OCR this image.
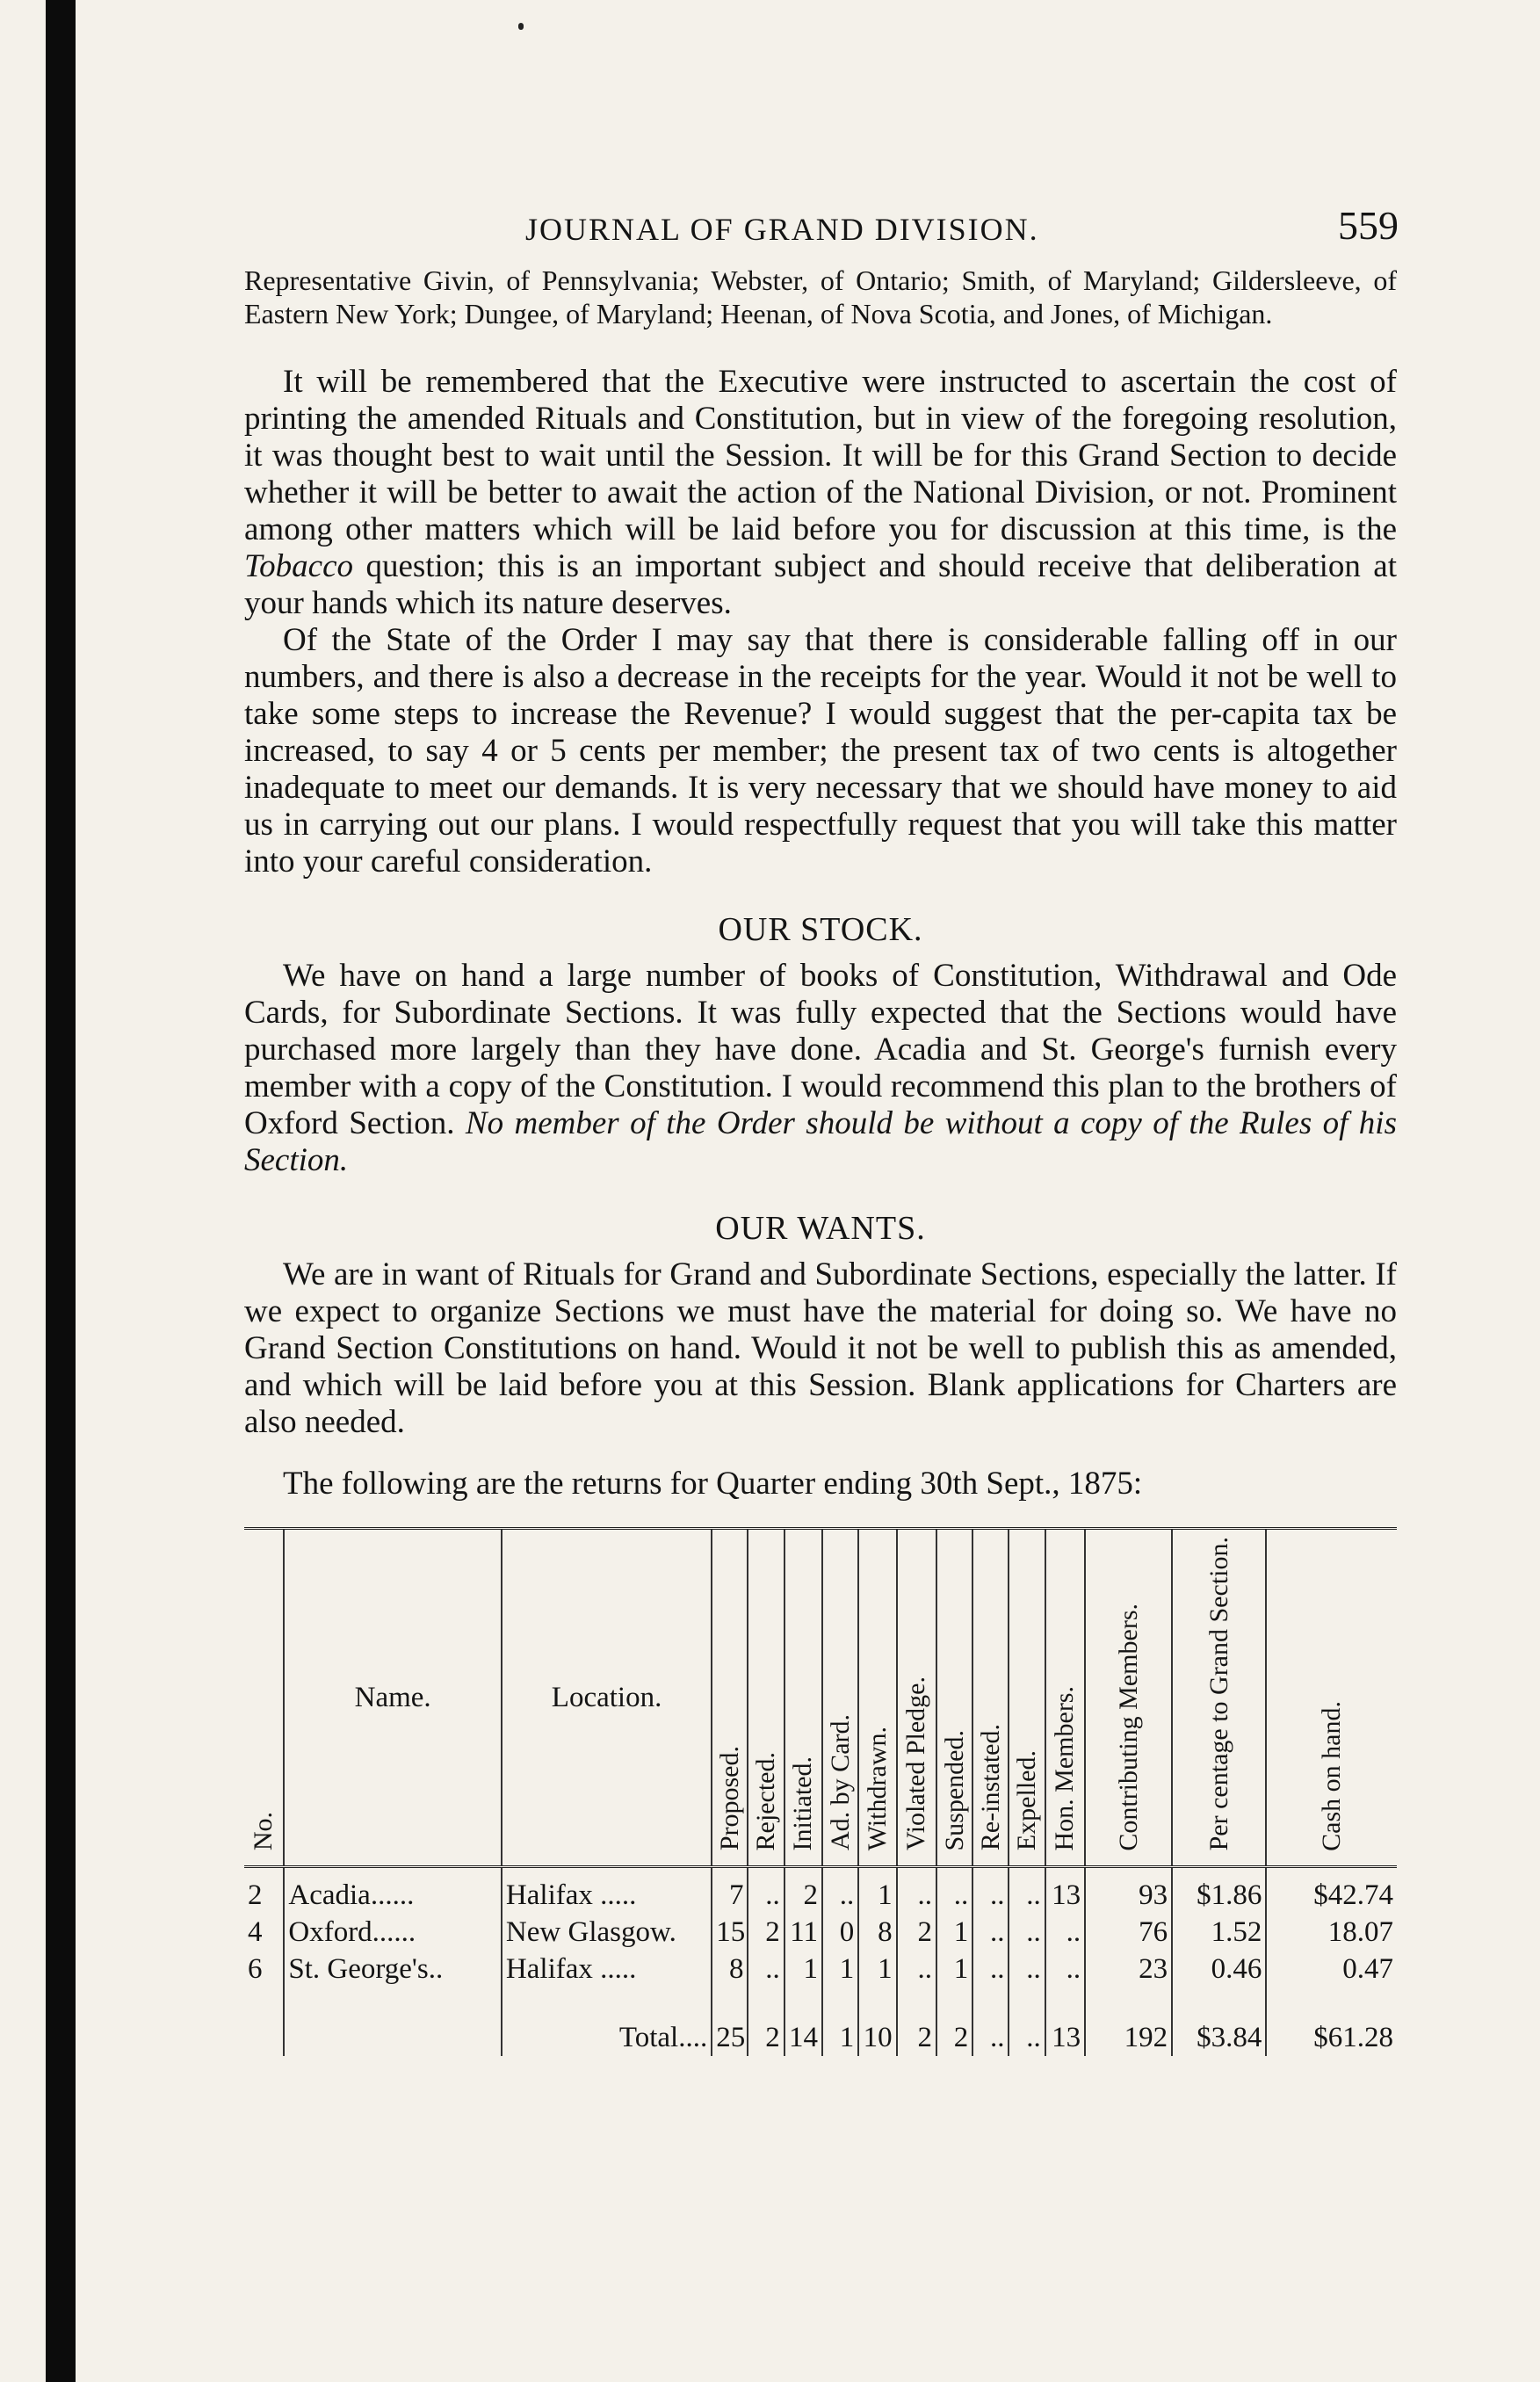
JOURNAL OF GRAND DIVISION.	559

Representative Givin, of Pennsylvania; Webster, of Ontario; Smith, of Maryland; Gildersleeve, of Eastern New York; Dungee, of Maryland; Heenan, of Nova Scotia, and Jones, of Michigan.

It will be remembered that the Executive were instructed to ascertain the cost of printing the amended Rituals and Constitution, but in view of the foregoing resolution, it was thought best to wait until the Session. It will be for this Grand Section to decide whether it will be better to await the action of the National Division, or not. Prominent among other matters which will be laid before you for discussion at this time, is the Tobacco question; this is an important subject and should receive that deliberation at your hands which its nature deserves.

Of the State of the Order I may say that there is considerable falling off in our numbers, and there is also a decrease in the receipts for the year. Would it not be well to take some steps to increase the Revenue? I would suggest that the per-capita tax be increased, to say 4 or 5 cents per member; the present tax of two cents is altogether inadequate to meet our demands. It is very necessary that we should have money to aid us in carrying out our plans. I would respectfully request that you will take this matter into your careful consideration.

OUR STOCK.

We have on hand a large number of books of Constitution, Withdrawal and Ode Cards, for Subordinate Sections. It was fully expected that the Sections would have purchased more largely than they have done. Acadia and St. George's furnish every member with a copy of the Constitution. I would recommend this plan to the brothers of Oxford Section. No member of the Order should be without a copy of the Rules of his Section.

OUR WANTS.

We are in want of Rituals for Grand and Subordinate Sections, especially the latter. If we expect to organize Sections we must have the material for doing so. We have no Grand Section Constitutions on hand. Would it not be well to publish this as amended, and which will be laid before you at this Session. Blank applications for Charters are also needed.

The following are the returns for Quarter ending 30th Sept., 1875:

No.	Name.	Location.	Proposed.	Rejected.	Initiated.	Ad. by Card.	Withdrawn.	Violated Pledge.	Suspended.	Re-instated.	Expelled.	Hon. Members.	Contributing Members.	Per centage to Grand Section.	Cash on hand.
2	Acadia......	Halifax .....	7	..	2	..	1	..	..	..	..	13	93	$1.86	$42.74
4	Oxford......	New Glasgow.	15	2	11	0	8	2	1	..	..	..	76	1.52	18.07
6	St. George's..	Halifax .....	8	..	1	1	1	..	1	..	..	..	23	0.46	0.47
		Total....	25	2	14	1	10	2	2	..	..	13	192	$3.84	$61.28
